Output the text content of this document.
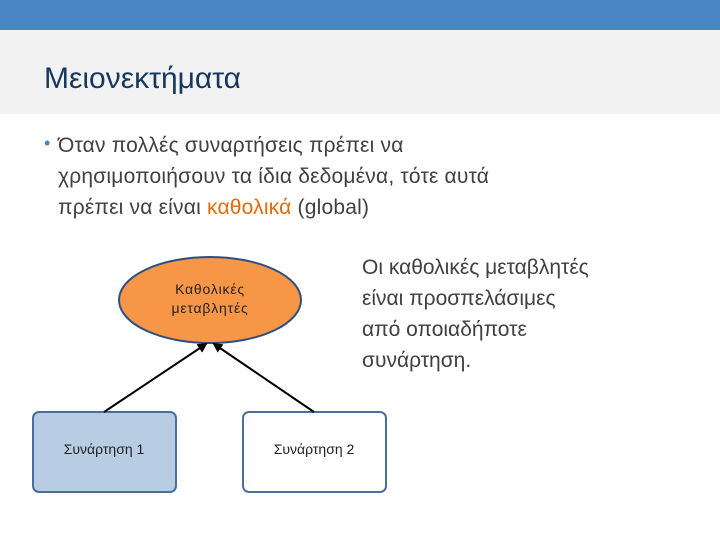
Μειονεκτήματα
• Όταν πολλές συναρτήσεις πρέπει να
χρησιμοποιήσουν τα ίδια δεδομένα, τότε αυτά
πρέπει να είναι καθολικά (global)
Καθολικές
μεταβλητές
Συνάρτηση 1	Συνάρτηση 2
Οι καθολικές μεταβλητές
είναι προσπελάσιμες
από οποιαδήποτε
συνάρτηση.
